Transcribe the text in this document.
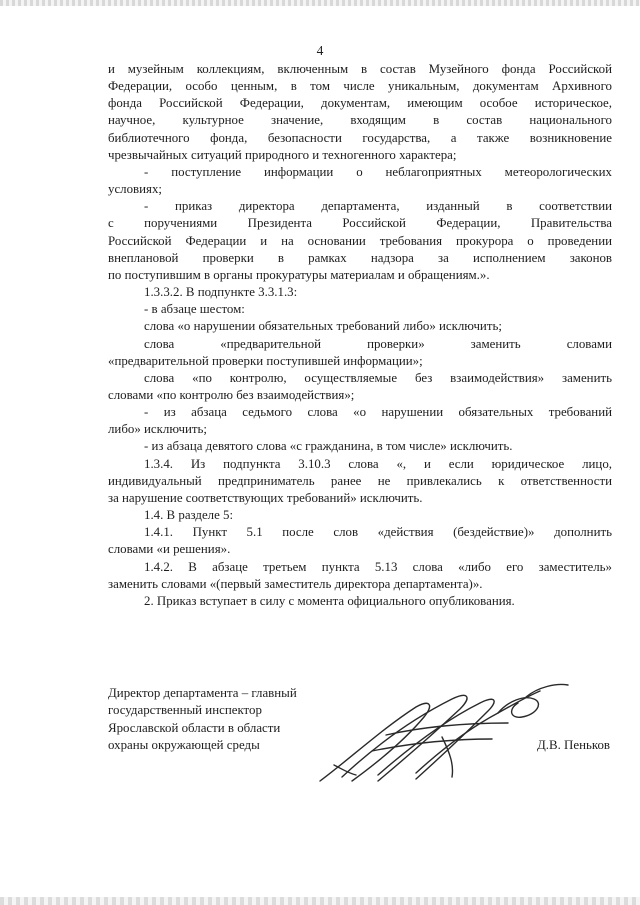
4
и музейным коллекциям, включенным в состав Музейного фонда Российской
Федерации, особо ценным, в том числе уникальным, документам Архивного
фонда Российской Федерации, документам, имеющим особое историческое,
научное, культурное значение, входящим в состав национального
библиотечного фонда, безопасности государства, а также возникновение
чрезвычайных ситуаций природного и техногенного характера;
- поступление информации о неблагоприятных метеорологических
условиях;
- приказ директора департамента, изданный в соответствии
с поручениями Президента Российской Федерации, Правительства
Российской Федерации и на основании требования прокурора о проведении
внеплановой проверки в рамках надзора за исполнением законов
по поступившим в органы прокуратуры материалам и обращениям.».
1.3.3.2. В подпункте 3.3.1.3:
- в абзаце шестом:
слова «о нарушении обязательных требований либо» исключить;
слова «предварительной проверки» заменить словами
«предварительной проверки поступившей информации»;
слова «по контролю, осуществляемые без взаимодействия» заменить
словами «по контролю без взаимодействия»;
- из абзаца седьмого слова «о нарушении обязательных требований
либо» исключить;
- из абзаца девятого слова «с гражданина, в том числе» исключить.
1.3.4. Из подпункта 3.10.3 слова «, и если юридическое лицо,
индивидуальный предприниматель ранее не привлекались к ответственности
за нарушение соответствующих требований» исключить.
1.4. В разделе 5:
1.4.1. Пункт 5.1 после слов «действия (бездействие)» дополнить
словами «и решения».
1.4.2. В абзаце третьем пункта 5.13 слова «либо его заместитель»
заменить словами «(первый заместитель директора департамента)».
2. Приказ вступает в силу с момента официального опубликования.
Директор департамента – главный
государственный инспектор
Ярославской области в области
охраны окружающей среды	Д.В. Пеньков
